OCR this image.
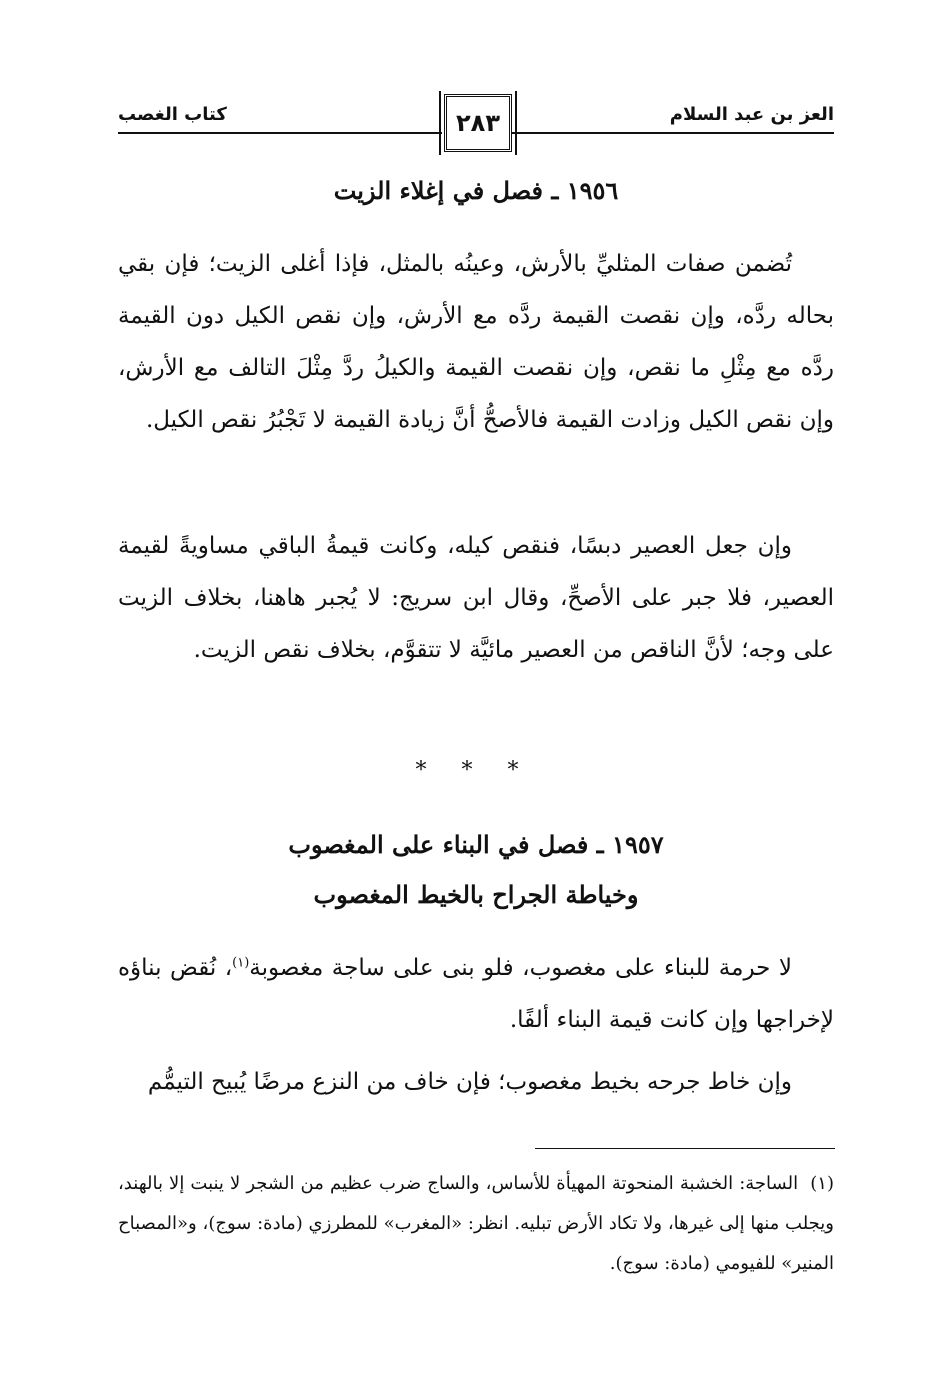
العز بن عبد السلام
كتاب الغصب	٢٨٣
١٩٥٦ ـ فصل في إغلاء الزيت

تُضمن صفات المثليِّ بالأرش، وعينُه بالمثل، فإذا أغلى الزيت؛ فإن بقي بحاله ردَّه، وإن نقصت القيمة ردَّه مع الأرش، وإن نقص الكيل دون القيمة ردَّه مع مِثْلِ ما نقص، وإن نقصت القيمة والكيلُ ردَّ مِثْلَ التالف مع الأرش، وإن نقص الكيل وزادت القيمة فالأصحُّ أنَّ زيادة القيمة لا تَجْبُرُ نقص الكيل.

وإن جعل العصير دبسًا، فنقص كيله، وكانت قيمةُ الباقي مساويةً لقيمة العصير، فلا جبر على الأصحِّ، وقال ابن سريج: لا يُجبر هاهنا، بخلاف الزيت على وجه؛ لأنَّ الناقص من العصير مائيَّة لا تتقوَّم، بخلاف نقص الزيت.

* * *
١٩٥٧ ـ فصل في البناء على المغصوب
وخياطة الجراح بالخيط المغصوب

لا حرمة للبناء على مغصوب، فلو بنى على ساجة مغصوبة$^{(١)}$، نُقض بناؤه لإخراجها وإن كانت قيمة البناء ألفًا.

وإن خاط جرحه بخيط مغصوب؛ فإن خاف من النزع مرضًا يُبيح التيمُّم

(١)  الساجة: الخشبة المنحوتة المهيأة للأساس، والساج ضرب عظيم من الشجر لا ينبت إلا بالهند، ويجلب منها إلى غيرها، ولا تكاد الأرض تبليه. انظر: «المغرب» للمطرزي (مادة: سوج)، و«المصباح المنير» للفيومي (مادة: سوج).
